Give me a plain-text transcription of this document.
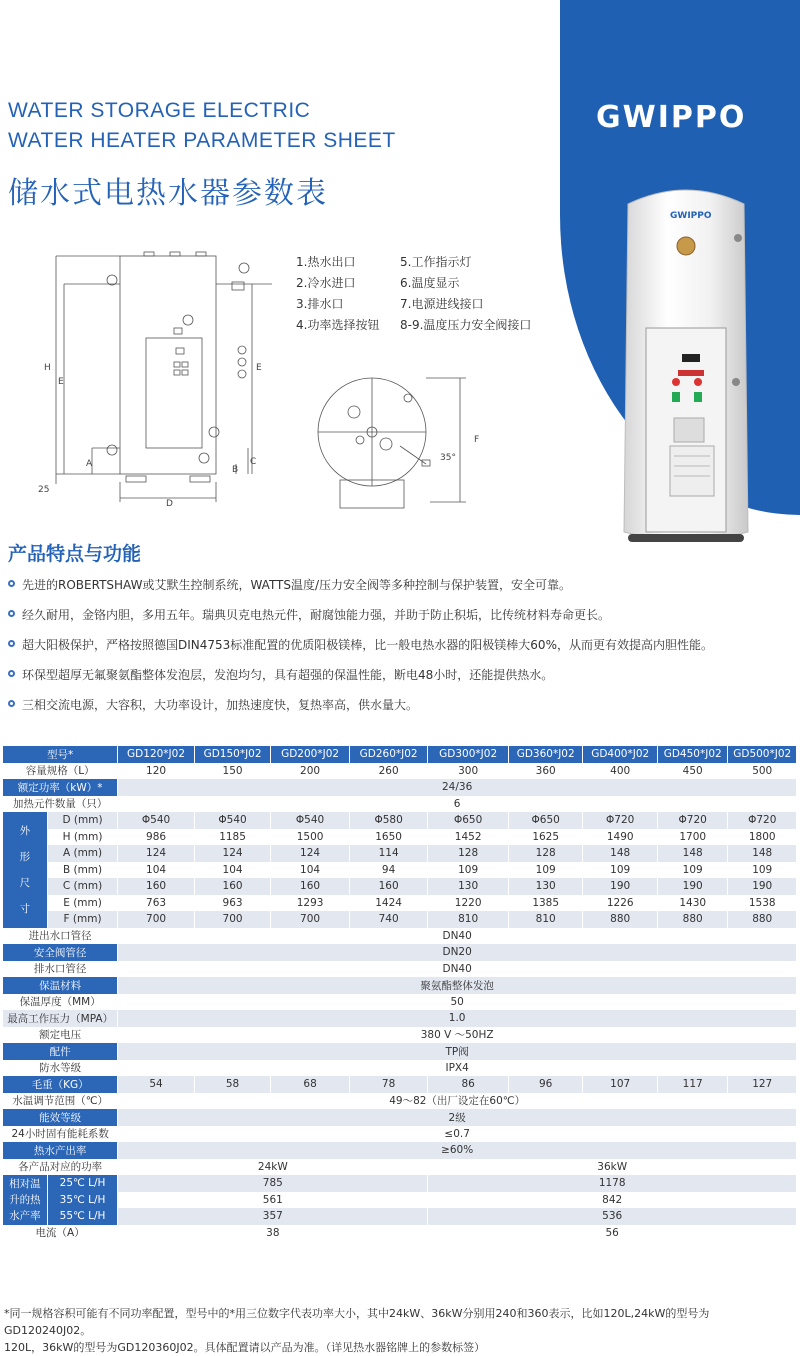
WATER STORAGE ELECTRIC
WATER HEATER PARAMETER SHEET
储水式电热水器参数表
GWIPPO
GWIPPO
H
E
A
D
B
C
E
25
35°
F
1.热水出口	5.工作指示灯
2.冷水进口	6.温度显示
3.排水口	7.电源进线接口
4.功率选择按钮	8-9.温度压力安全阀接口
产品特点与功能
先进的ROBERTSHAW或艾默生控制系统，WATTS温度/压力安全阀等多种控制与保护装置，安全可靠。
经久耐用，金铬内胆，多用五年。瑞典贝克电热元件，耐腐蚀能力强，并助于防止积垢，比传统材料寿命更长。
超大阳极保护，严格按照德国DIN4753标准配置的优质阳极镁棒，比一般电热水器的阳极镁棒大60%，从而更有效提高内胆性能。
环保型超厚无氟聚氨酯整体发泡层，发泡均匀，具有超强的保温性能，断电48小时，还能提供热水。
三相交流电源，大容积，大功率设计，加热速度快，复热率高，供水量大。
型号*		GD120*J02	GD150*J02	GD200*J02	GD260*J02	GD300*J02	GD360*J02	GD400*J02	GD450*J02	GD500*J02
容量规格（L）		120	150	200	260	300	360	400	450	500
额定功率（kW）*		24/36								
加热元件数量（只）		6								

外
形
尺
寸	D (mm)	Φ540	Φ540	Φ540	Φ580	Φ650	Φ650	Φ720	Φ720	Φ720
	H (mm)	986	1185	1500	1650	1452	1625	1490	1700	1800
	A (mm)	124	124	124	114	128	128	148	148	148
	B (mm)	104	104	104	94	109	109	109	109	109
	C (mm)	160	160	160	160	130	130	190	190	190
	E (mm)	763	963	1293	1424	1220	1385	1226	1430	1538
	F (mm)	700	700	700	740	810	810	880	880	880
进出水口管径		DN40								
安全阀管径		DN20								
排水口管径		DN40								
保温材料		聚氨酯整体发泡								
保温厚度（MM）		50								
最高工作压力（MPA）		1.0								
额定电压		380 V ～50HZ								
配件		TP阀								
防水等级		IPX4								
毛重（KG）		54	58	68	78	86	96	107	117	127
水温调节范围（℃）		49～82（出厂设定在60℃）								
能效等级		2级								
24小时固有能耗系数		≤0.7								
热水产出率		≥60%								
各产品对应的功率		24kW				36kW				

相对温
升的热
水产率	25℃ L/H	785				1178				
	35℃ L/H	561				842				
	55℃ L/H	357				536				
电流（A）		38				56				
*同一规格容积可能有不同功率配置，型号中的*用三位数字代表功率大小，其中24kW、36kW分别用240和360表示，比如120L,24kW的型号为GD120240J02。
120L，36kW的型号为GD120360J02。具体配置请以产品为准。（详见热水器铭牌上的参数标签）
